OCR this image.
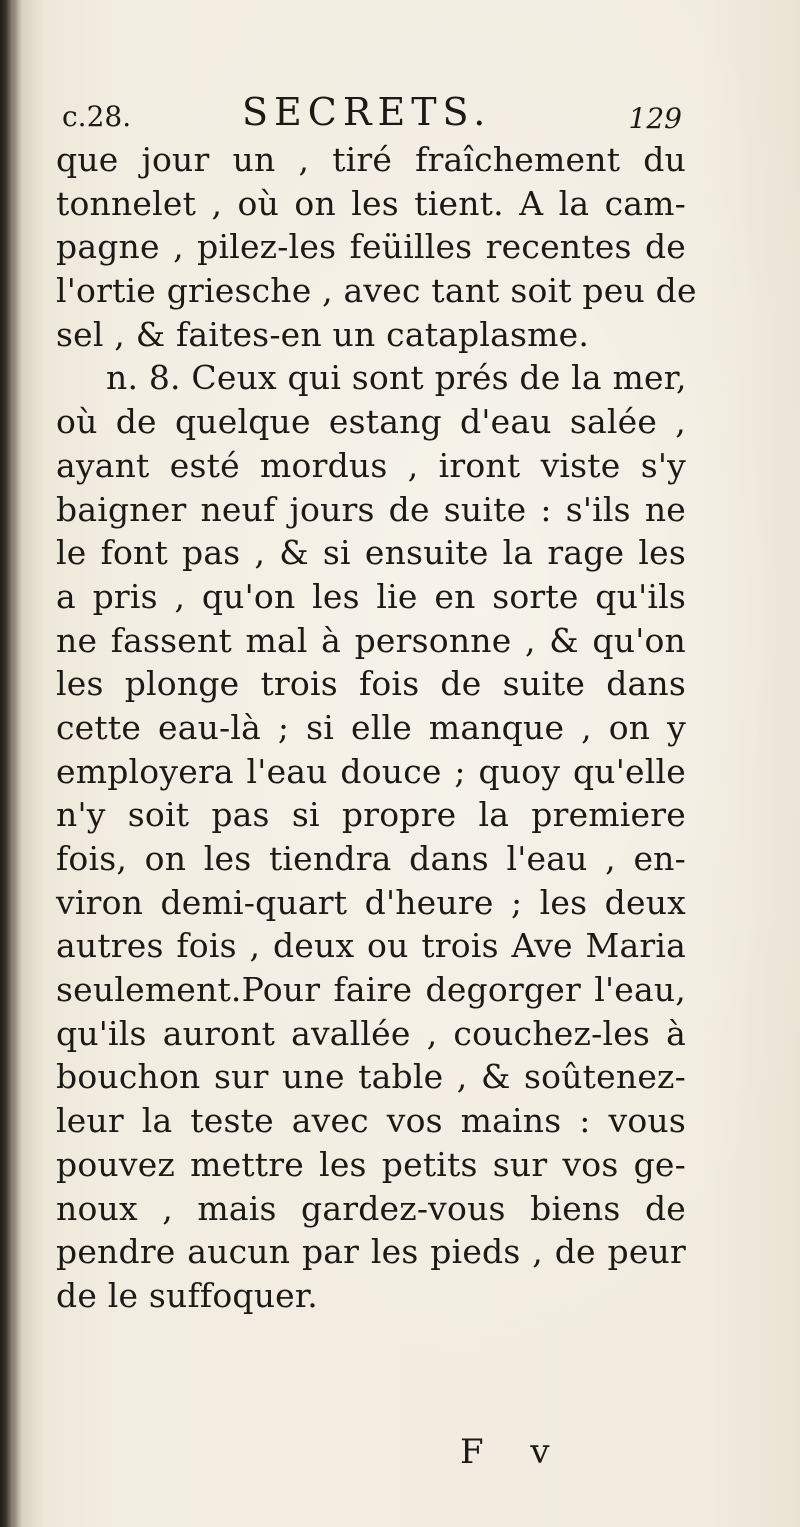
c.28.	SECRETS.	129
que jour un , tiré fraîchement du
tonnelet , où on les tient. A la cam-
pagne , pilez-les feüilles recentes de
l'ortie griesche , avec tant soit peu de
sel , & faites-en un cataplasme.
n. 8. Ceux qui sont prés de la mer,
où de quelque estang d'eau salée ,
ayant esté mordus , iront viste s'y
baigner neuf jours de suite : s'ils ne
le font pas , & si ensuite la rage les
a pris , qu'on les lie en sorte qu'ils
ne fassent mal à personne , & qu'on
les plonge trois fois de suite dans
cette eau-là ; si elle manque , on y
employera l'eau douce ; quoy qu'elle
n'y soit pas si propre la premiere
fois, on les tiendra dans l'eau , en-
viron demi-quart d'heure ; les deux
autres fois , deux ou trois Ave Maria
seulement.Pour faire degorger l'eau,
qu'ils auront avallée , couchez-les à
bouchon sur une table , & soûtenez-
leur la teste avec vos mains : vous
pouvez mettre les petits sur vos ge-
noux , mais gardez-vous biens de
pendre aucun par les pieds , de peur
de le suffoquer.
F v
